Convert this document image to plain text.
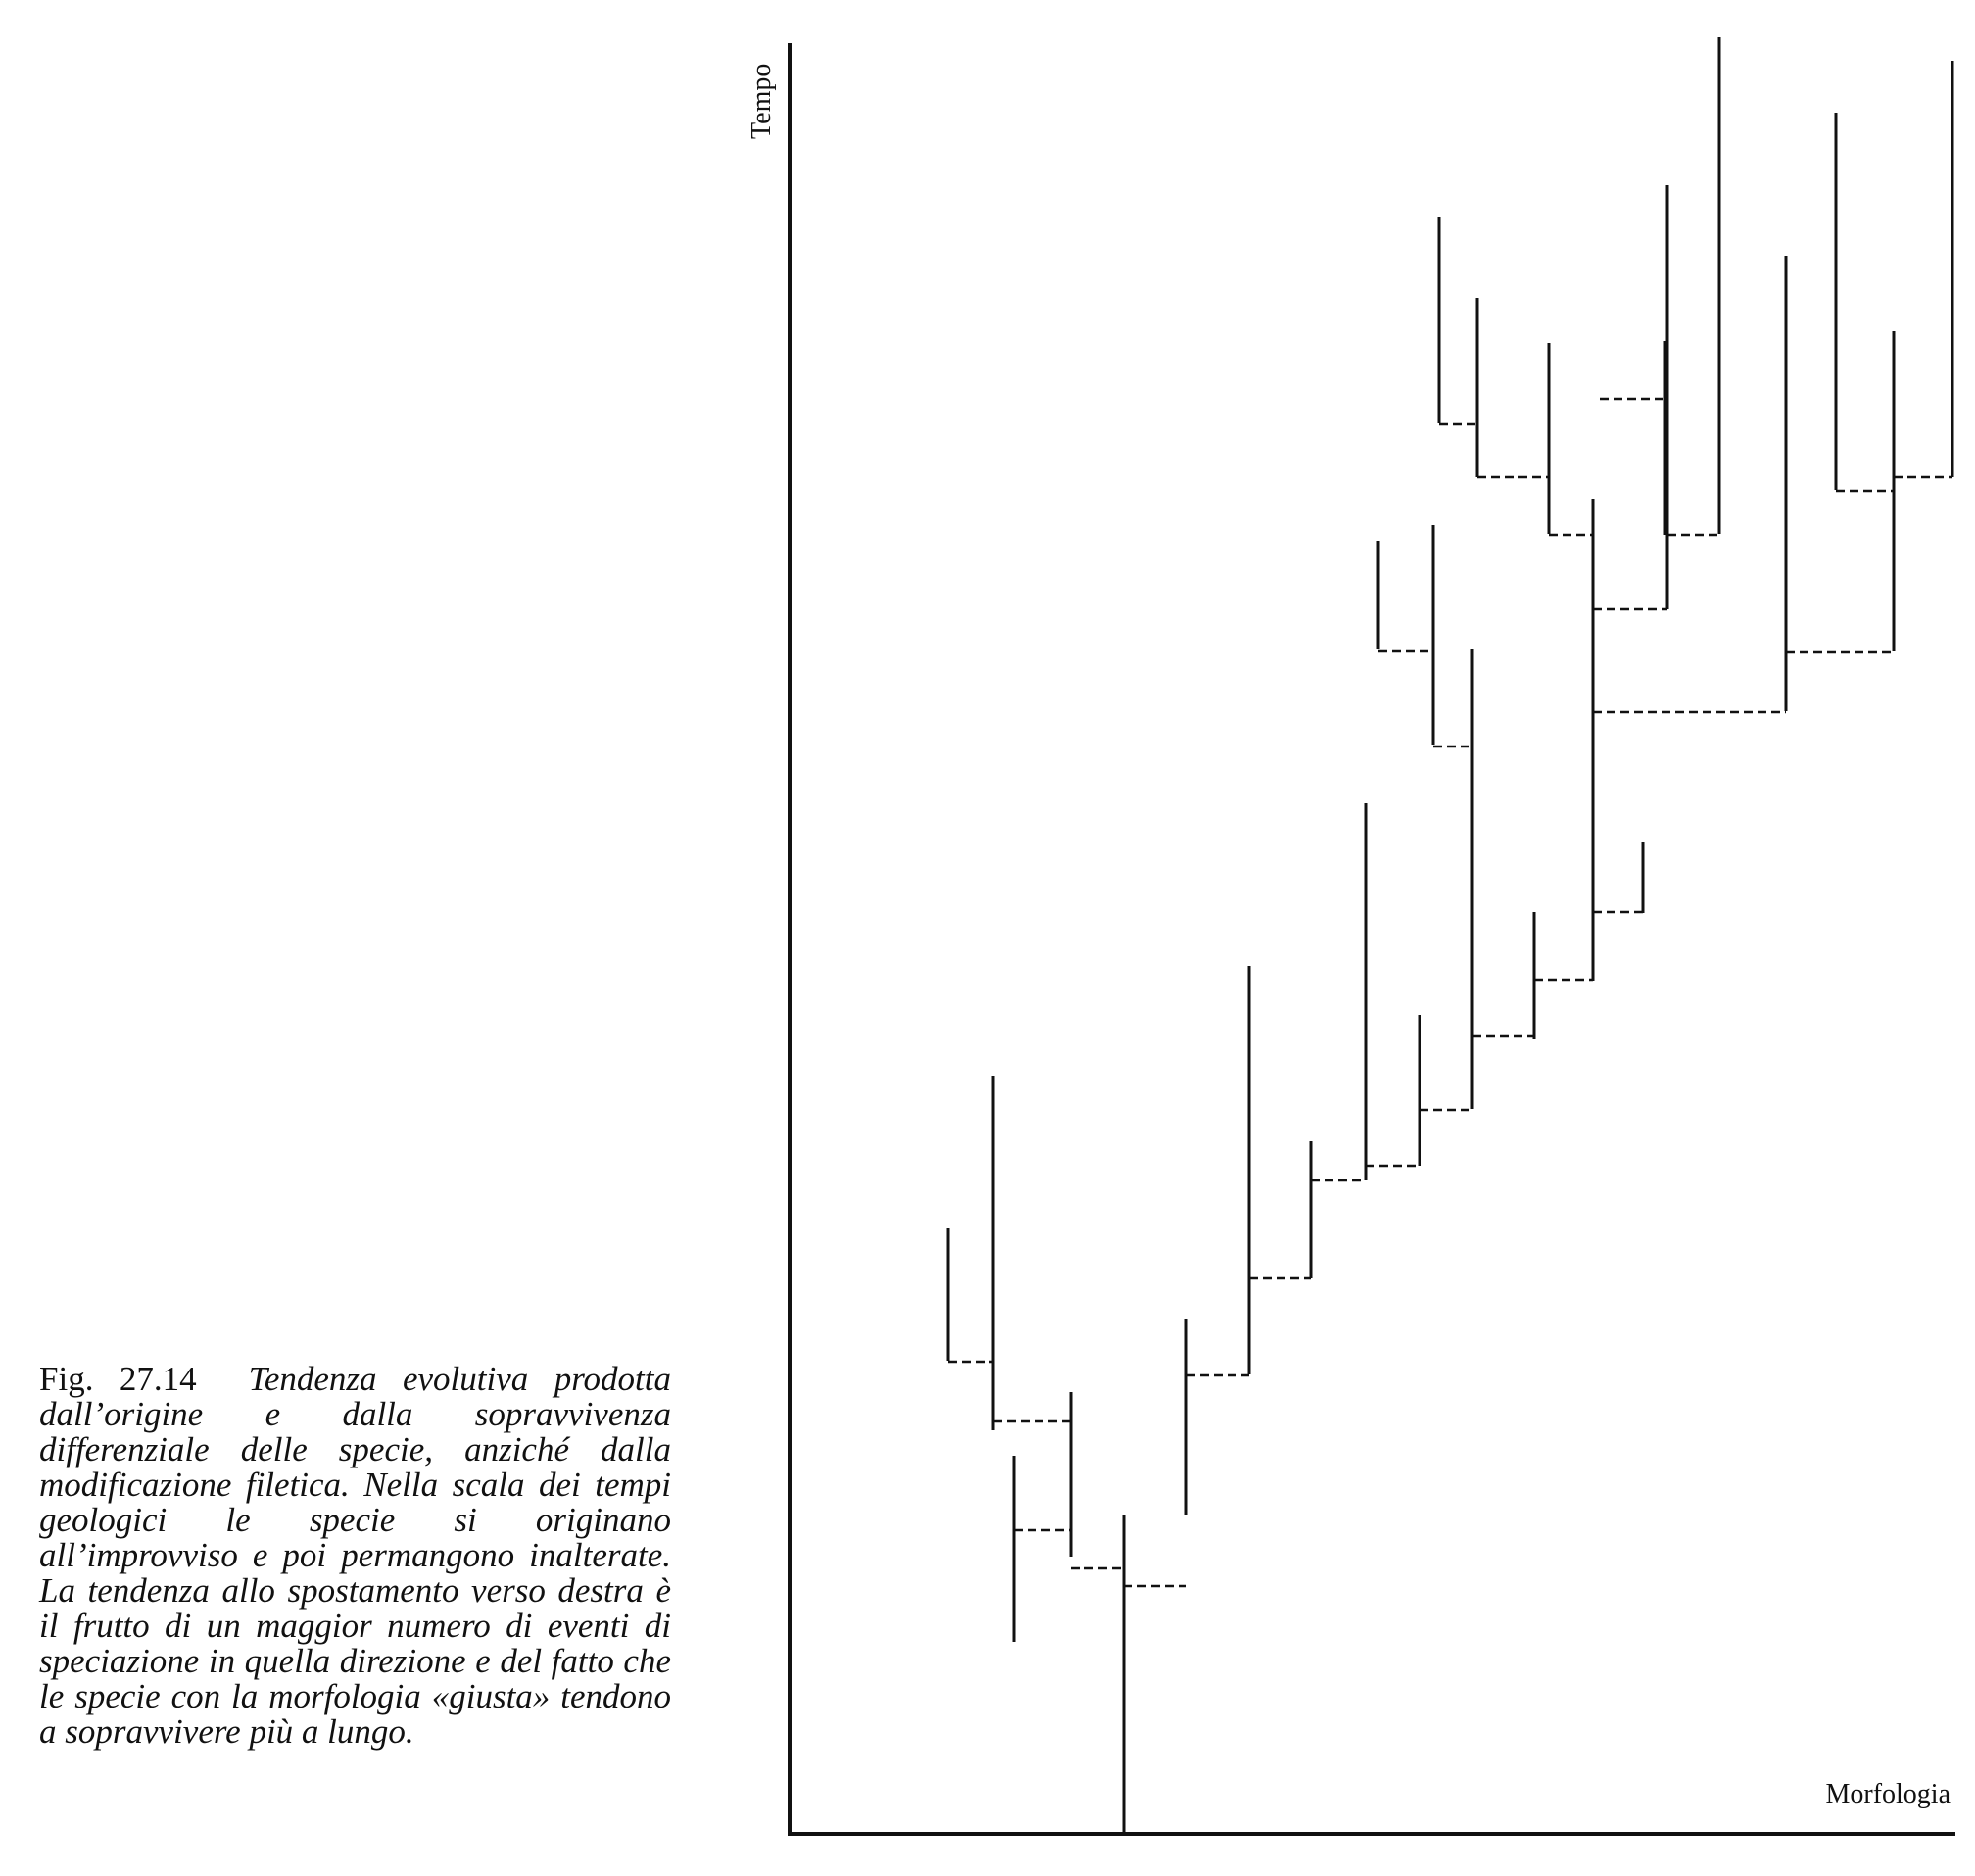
Fig. 27.14 Tendenza evolutiva prodotta dall’origine e dalla sopravvivenza differenziale delle specie, anziché dalla modificazione filetica. Nella scala dei tempi geologici le specie si originano all’improvviso e poi permangono inalterate. La tendenza allo spostamento verso destra è il frutto di un maggior numero di eventi di speciazione in quella direzione e del fatto che le specie con la morfologia «giusta» tendono a sopravvivere più a lungo.
Tempo
Morfologia
